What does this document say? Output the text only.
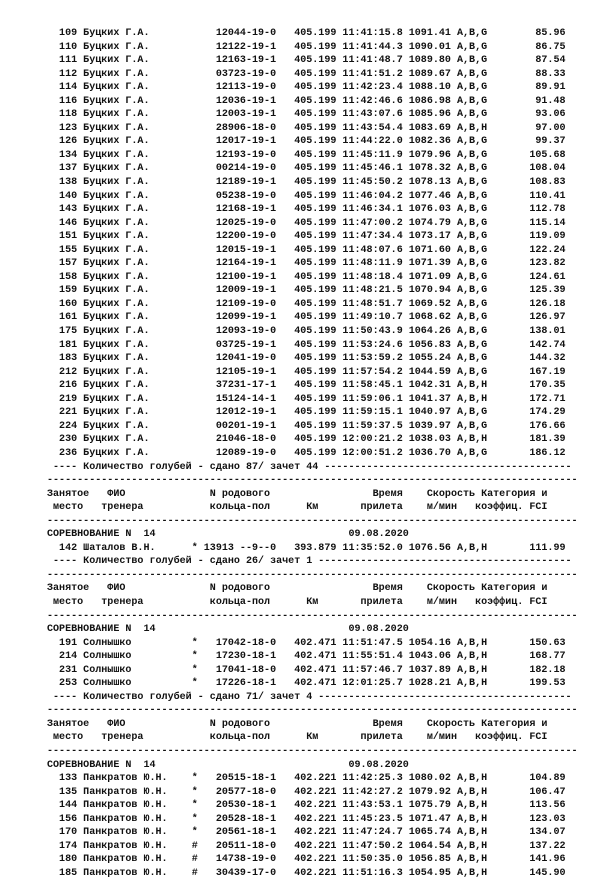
109 Буцких Г.А.           12044-19-0   405.199 11:41:15.8 1091.41 А,В,G        85.96
110 Буцких Г.А.           12122-19-1   405.199 11:41:44.3 1090.01 А,В,G        86.75
111 Буцких Г.А.           12163-19-1   405.199 11:41:48.7 1089.80 А,В,G        87.54
112 Буцких Г.А.           03723-19-0   405.199 11:41:51.2 1089.67 А,В,G        88.33
114 Буцких Г.А.           12113-19-0   405.199 11:42:23.4 1088.10 А,В,G        89.91
116 Буцких Г.А.           12036-19-1   405.199 11:42:46.6 1086.98 А,В,G        91.48
118 Буцких Г.А.           12003-19-1   405.199 11:43:07.6 1085.96 А,В,G        93.06
123 Буцких Г.А.           28906-18-0   405.199 11:43:54.4 1083.69 А,В,Н        97.00
126 Буцких Г.А.           12017-19-1   405.199 11:44:22.0 1082.36 А,В,G        99.37
134 Буцких Г.А.           12193-19-0   405.199 11:45:11.9 1079.96 А,В,G       105.68
137 Буцких Г.А.           00214-19-0   405.199 11:45:46.1 1078.32 А,В,G       108.04
138 Буцких Г.А.           12189-19-1   405.199 11:45:50.2 1078.13 А,В,G       108.83
140 Буцких Г.А.           05238-19-0   405.199 11:46:04.2 1077.46 А,В,G       110.41
143 Буцких Г.А.           12168-19-1   405.199 11:46:34.1 1076.03 А,В,G       112.78
146 Буцких Г.А.           12025-19-0   405.199 11:47:00.2 1074.79 А,В,G       115.14
151 Буцких Г.А.           12200-19-0   405.199 11:47:34.4 1073.17 А,В,G       119.09
155 Буцких Г.А.           12015-19-1   405.199 11:48:07.6 1071.60 А,В,G       122.24
157 Буцких Г.А.           12164-19-1   405.199 11:48:11.9 1071.39 А,В,G       123.82
158 Буцких Г.А.           12100-19-1   405.199 11:48:18.4 1071.09 А,В,G       124.61
159 Буцких Г.А.           12009-19-1   405.199 11:48:21.5 1070.94 А,В,G       125.39
160 Буцких Г.А.           12109-19-0   405.199 11:48:51.7 1069.52 А,В,G       126.18
161 Буцких Г.А.           12099-19-1   405.199 11:49:10.7 1068.62 А,В,G       126.97
175 Буцких Г.А.           12093-19-0   405.199 11:50:43.9 1064.26 А,В,G       138.01
181 Буцких Г.А.           03725-19-1   405.199 11:53:24.6 1056.83 А,В,G       142.74
183 Буцких Г.А.           12041-19-0   405.199 11:53:59.2 1055.24 А,В,G       144.32
212 Буцких Г.А.           12105-19-1   405.199 11:57:54.2 1044.59 А,В,G       167.19
216 Буцких Г.А.           37231-17-1   405.199 11:58:45.1 1042.31 А,В,Н       170.35
219 Буцких Г.А.           15124-14-1   405.199 11:59:06.1 1041.37 А,В,Н       172.71
221 Буцких Г.А.           12012-19-1   405.199 11:59:15.1 1040.97 А,В,G       174.29
224 Буцких Г.А.           00201-19-1   405.199 11:59:37.5 1039.97 А,В,G       176.66
230 Буцких Г.А.           21046-18-0   405.199 12:00:21.2 1038.03 А,В,Н       181.39
236 Буцких Г.А.           12089-19-0   405.199 12:00:51.2 1036.70 А,В,G       186.12
---- Количество голубей - сдано 87/ зачет 44 -----------------------------------------
----------------------------------------------------------------------------------------
Занятое   ФИО              N родового                 Время    Скорость Категория и
место   тренера           кольца-пол      Км       прилета    м/мин   коэффиц. FCI
----------------------------------------------------------------------------------------
СОРЕВНОВАНИЕ N  14                                09.08.2020
142 Шаталов В.Н.      * 13913 --9--0   393.879 11:35:52.0 1076.56 А,В,Н       111.99
---- Количество голубей - сдано 26/ зачет 1 ------------------------------------------
----------------------------------------------------------------------------------------
Занятое   ФИО              N родового                 Время    Скорость Категория и
место   тренера           кольца-пол      Км       прилета    м/мин   коэффиц. FCI
----------------------------------------------------------------------------------------
СОРЕВНОВАНИЕ N  14                                09.08.2020
191 Солнышко          *   17042-18-0   402.471 11:51:47.5 1054.16 А,В,Н       150.63
214 Солнышко          *   17230-18-1   402.471 11:55:51.4 1043.06 А,В,Н       168.77
231 Солнышко          *   17041-18-0   402.471 11:57:46.7 1037.89 А,В,Н       182.18
253 Солнышко          *   17226-18-1   402.471 12:01:25.7 1028.21 А,В,Н       199.53
---- Количество голубей - сдано 71/ зачет 4 ------------------------------------------
----------------------------------------------------------------------------------------
Занятое   ФИО              N родового                 Время    Скорость Категория и
место   тренера           кольца-пол      Км       прилета    м/мин   коэффиц. FCI
----------------------------------------------------------------------------------------
СОРЕВНОВАНИЕ N  14                                09.08.2020
133 Панкратов Ю.Н.    *   20515-18-1   402.221 11:42:25.3 1080.02 А,В,Н       104.89
135 Панкратов Ю.Н.    *   20577-18-0   402.221 11:42:27.2 1079.92 А,В,Н       106.47
144 Панкратов Ю.Н.    *   20530-18-1   402.221 11:43:53.1 1075.79 А,В,Н       113.56
156 Панкратов Ю.Н.    *   20528-18-1   402.221 11:45:23.5 1071.47 А,В,Н       123.03
170 Панкратов Ю.Н.    *   20561-18-1   402.221 11:47:24.7 1065.74 А,В,Н       134.07
174 Панкратов Ю.Н.    #   20511-18-0   402.221 11:47:50.2 1064.54 А,В,Н       137.22
180 Панкратов Ю.Н.    #   14738-19-0   402.221 11:50:35.0 1056.85 А,В,Н       141.96
185 Панкратов Ю.Н.    #   30439-17-0   402.221 11:51:16.3 1054.95 А,В,Н       145.90
